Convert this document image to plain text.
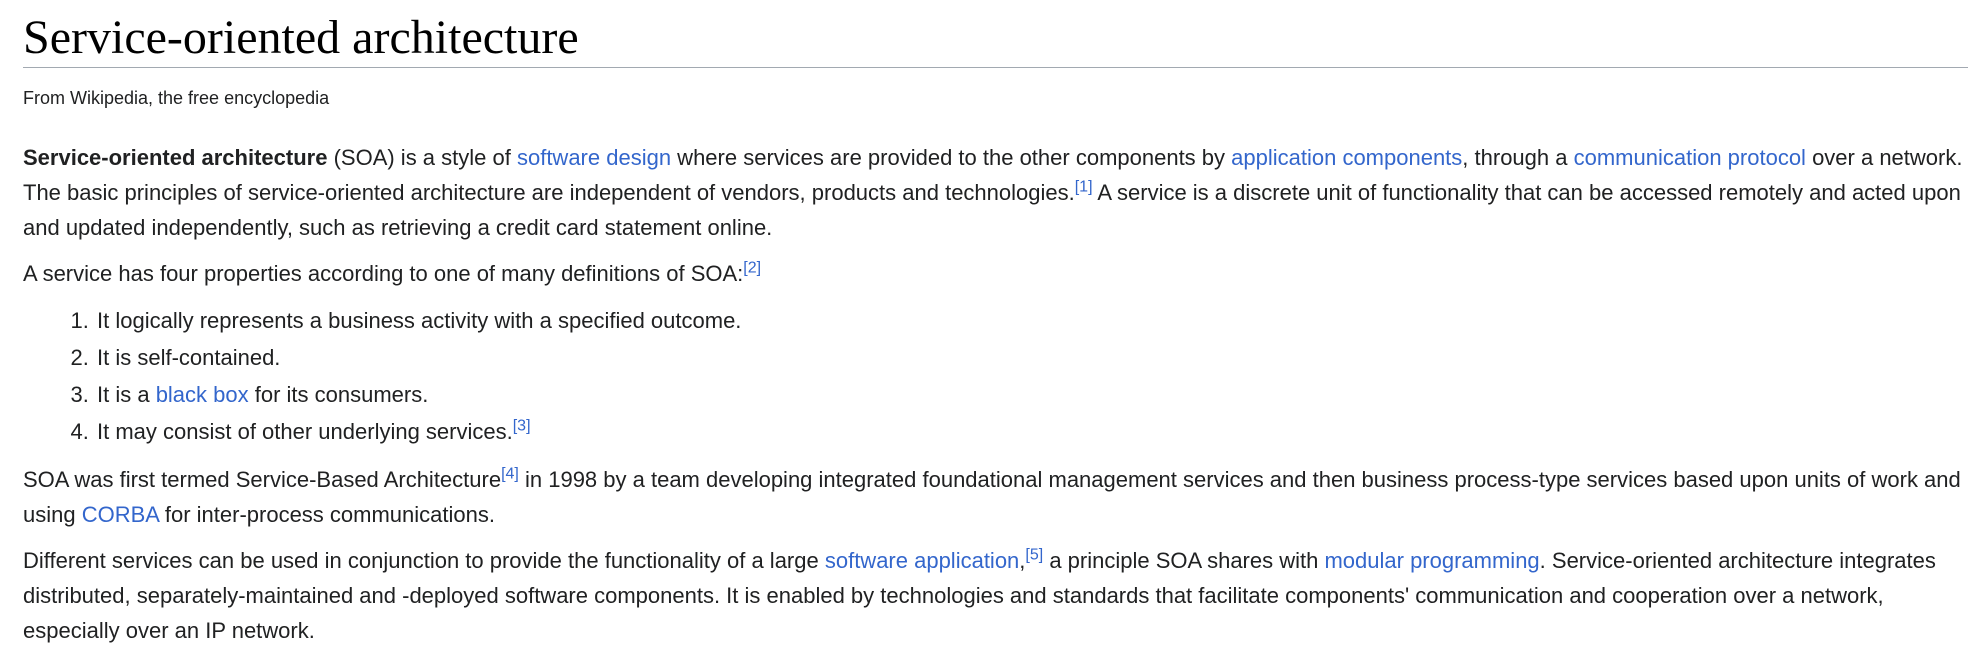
Service-oriented architecture
From Wikipedia, the free encyclopedia

Service-oriented architecture (SOA) is a style of software design where services are provided to the other components by application components, through a communication protocol over a network. The basic principles of service-oriented architecture are independent of vendors, products and technologies.[1] A service is a discrete unit of functionality that can be accessed remotely and acted upon and updated independently, such as retrieving a credit card statement online.

A service has four properties according to one of many definitions of SOA:[2]

1. It logically represents a business activity with a specified outcome.
2. It is self-contained.
3. It is a black box for its consumers.
4. It may consist of other underlying services.[3]

SOA was first termed Service-Based Architecture[4] in 1998 by a team developing integrated foundational management services and then business process-type services based upon units of work and using CORBA for inter-process communications.

Different services can be used in conjunction to provide the functionality of a large software application,[5] a principle SOA shares with modular programming. Service-oriented architecture integrates distributed, separately-maintained and -deployed software components. It is enabled by technologies and standards that facilitate components' communication and cooperation over a network, especially over an IP network.
